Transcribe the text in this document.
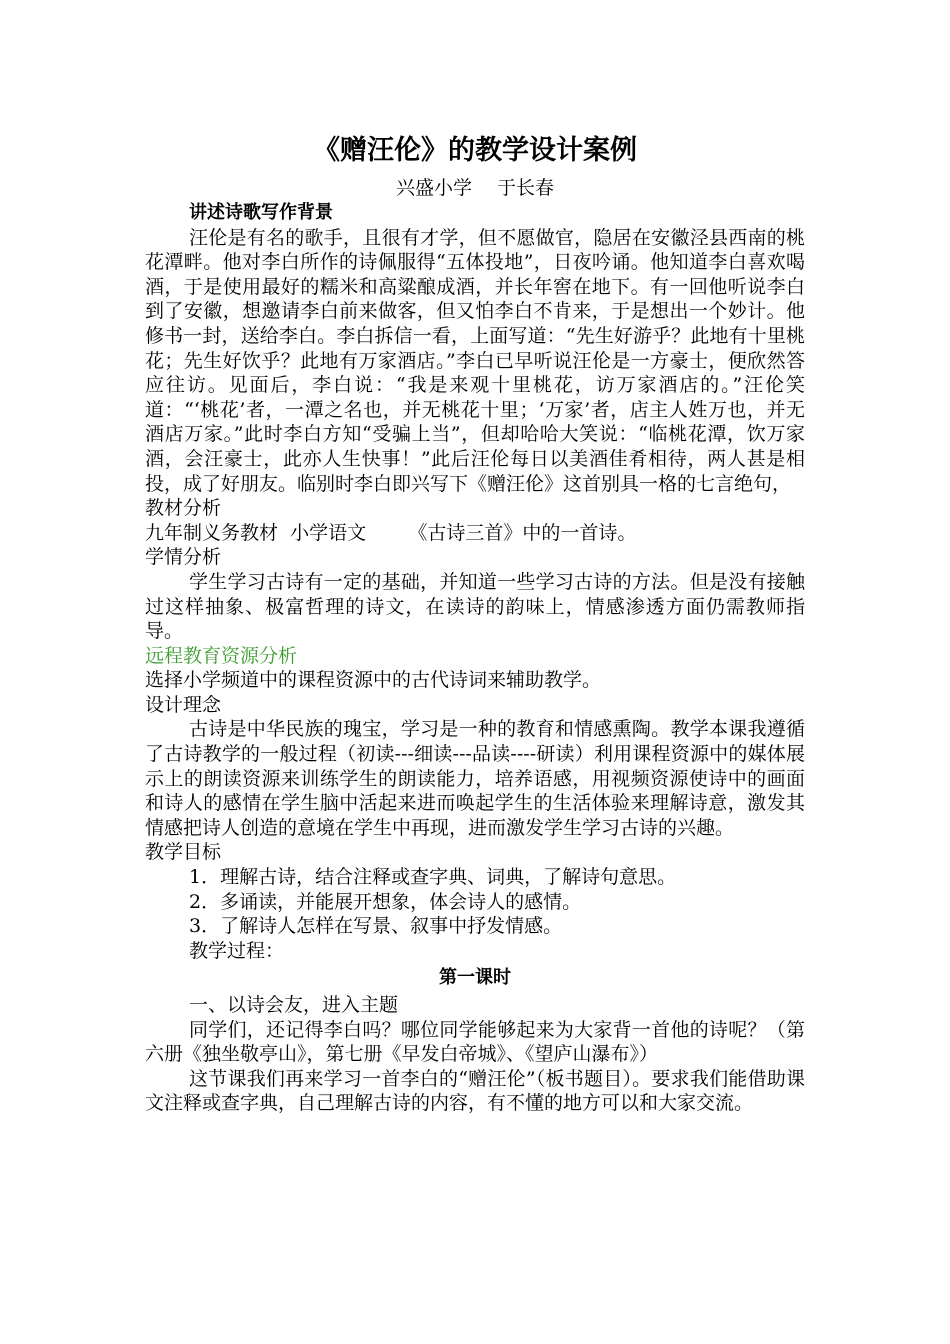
《赠汪伦》的教学设计案例
兴盛小学　 于长春

讲述诗歌写作背景

汪伦是有名的歌手，且很有才学，但不愿做官，隐居在安徽泾县西南的桃花潭畔。他对李白所作的诗佩服得“五体投地”，日夜吟诵。他知道李白喜欢喝酒，于是使用最好的糯米和高粱酿成酒，并长年窖在地下。有一回他听说李白到了安徽，想邀请李白前来做客，但又怕李白不肯来，于是想出一个妙计。他修书一封，送给李白。李白拆信一看，上面写道：“先生好游乎？此地有十里桃花；先生好饮乎？此地有万家酒店。”李白已早听说汪伦是一方豪士，便欣然答应往访。见面后，李白说：“我是来观十里桃花，访万家酒店的。”汪伦笑道：“‘桃花’者，一潭之名也，并无桃花十里；‘万家’者，店主人姓万也，并无酒店万家。”此时李白方知“受骗上当”，但却哈哈大笑说：“临桃花潭，饮万家酒，会汪豪士，此亦人生快事！”此后汪伦每日以美酒佳肴相待，两人甚是相投，成了好朋友。临别时李白即兴写下《赠汪伦》这首别具一格的七言绝句，

教材分析

九年制义务教材  小学语文       《古诗三首》中的一首诗。

学情分析

学生学习古诗有一定的基础，并知道一些学习古诗的方法。但是没有接触过这样抽象、极富哲理的诗文，在读诗的韵味上，情感渗透方面仍需教师指导。

远程教育资源分析

选择小学频道中的课程资源中的古代诗词来辅助教学。

设计理念

古诗是中华民族的瑰宝，学习是一种的教育和情感熏陶。教学本课我遵循了古诗教学的一般过程（初读---细读---品读----研读）利用课程资源中的媒体展示上的朗读资源来训练学生的朗读能力，培养语感，用视频资源使诗中的画面和诗人的感情在学生脑中活起来进而唤起学生的生活体验来理解诗意，激发其情感把诗人创造的意境在学生中再现，进而激发学生学习古诗的兴趣。

教学目标

1．理解古诗，结合注释或查字典、词典，了解诗句意思。

2．多诵读，并能展开想象，体会诗人的感情。

3．了解诗人怎样在写景、叙事中抒发情感。

教学过程：

第一课时

一、以诗会友，进入主题

同学们，还记得李白吗？哪位同学能够起来为大家背一首他的诗呢？（第六册《独坐敬亭山》，第七册《早发白帝城》、《望庐山瀑布》）

这节课我们再来学习一首李白的“赠汪伦”（板书题目）。要求我们能借助课文注释或查字典，自己理解古诗的内容，有不懂的地方可以和大家交流。
